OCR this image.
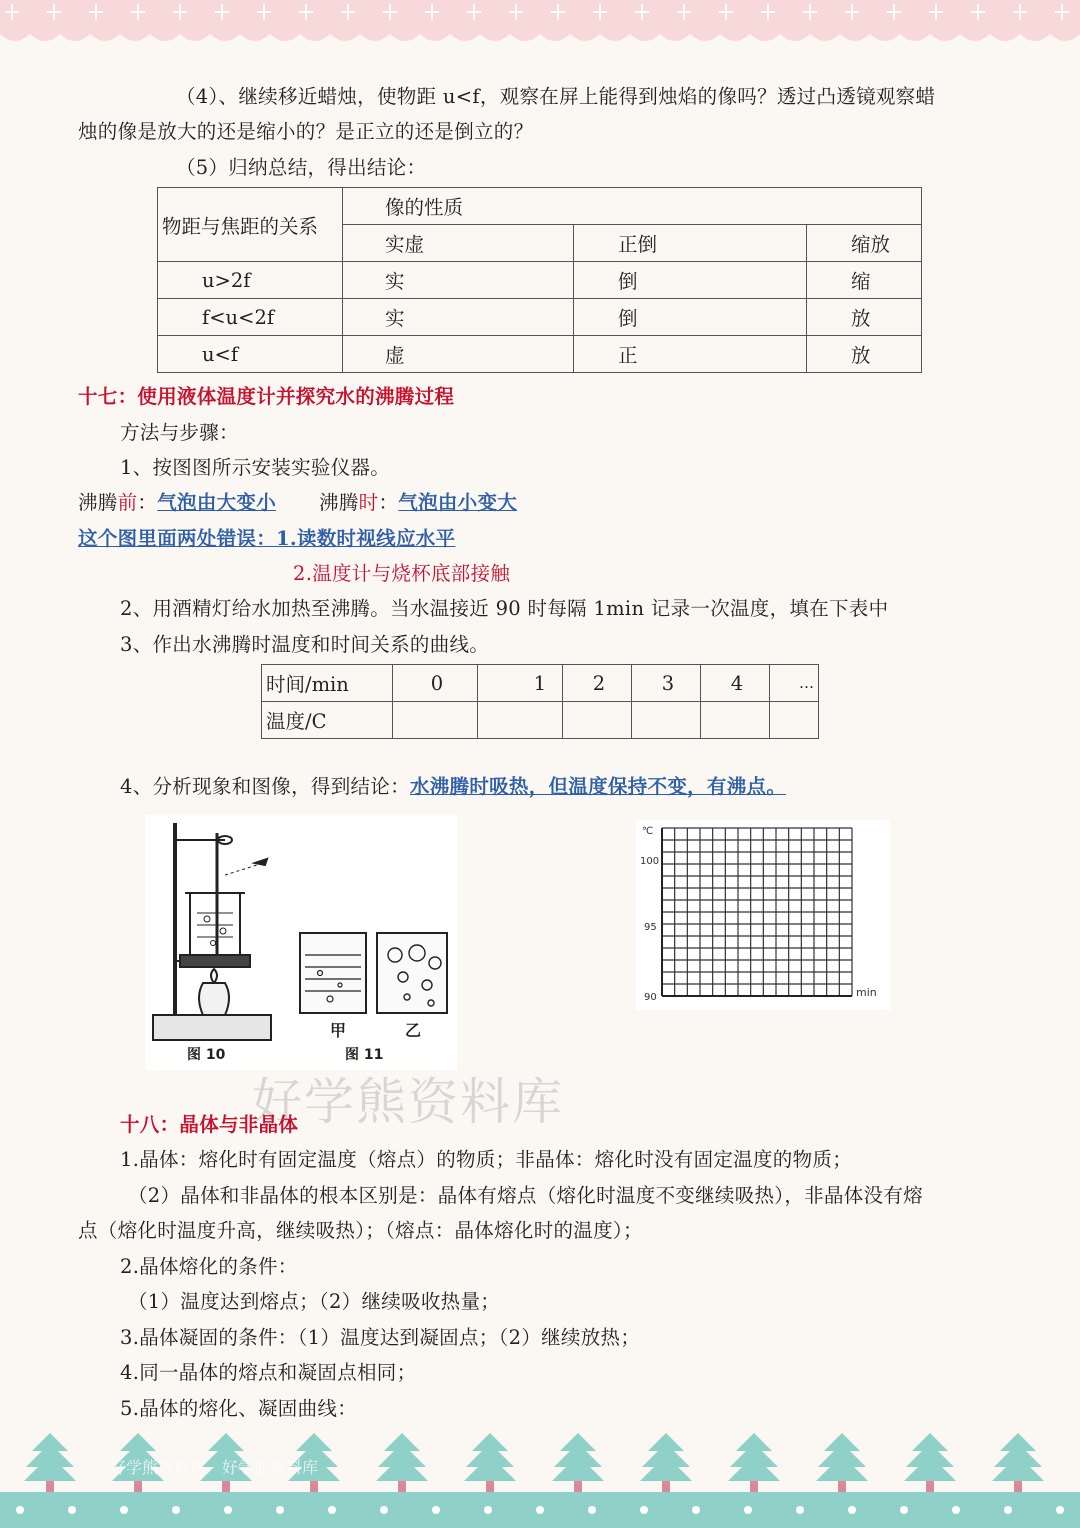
（4）、继续移近蜡烛，使物距 u<f，观察在屏上能得到烛焰的像吗？透过凸透镜观察蜡
烛的像是放大的还是缩小的？是正立的还是倒立的？
（5）归纳总结，得出结论：
物距与焦距的关系	像的性质		
	实虚	正倒	缩放
u>2f	实	倒	缩
f<u<2f	实	倒	放
u<f	虚	正	放
十七：使用液体温度计并探究水的沸腾过程
方法与步骤：
1、按图图所示安装实验仪器。
沸腾前：气泡由大变小 沸腾时：气泡由小变大
这个图里面两处错误：1.读数时视线应水平
2.温度计与烧杯底部接触
2、用酒精灯给水加热至沸腾。当水温接近 90 时每隔 1min 记录一次温度，填在下表中
3、作出水沸腾时温度和时间关系的曲线。
时间/min	0	1	2	3	4	…
温度/C						
4、分析现象和图像，得到结论：水沸腾时吸热，但温度保持不变，有沸点。
甲	乙
图 10	图 11
℃
100
95
90	min
好学熊资料库
十八：晶体与非晶体
1.晶体：熔化时有固定温度（熔点）的物质；非晶体：熔化时没有固定温度的物质；
（2）晶体和非晶体的根本区别是：晶体有熔点（熔化时温度不变继续吸热），非晶体没有熔
点（熔化时温度升高，继续吸热）；（熔点：晶体熔化时的温度）；
2.晶体熔化的条件：
（1）温度达到熔点；（2）继续吸收热量；
3.晶体凝固的条件：（1）温度达到凝固点；（2）继续放热；
4.同一晶体的熔点和凝固点相同；
5.晶体的熔化、凝固曲线：
好学熊资料库 好学熊资料库
